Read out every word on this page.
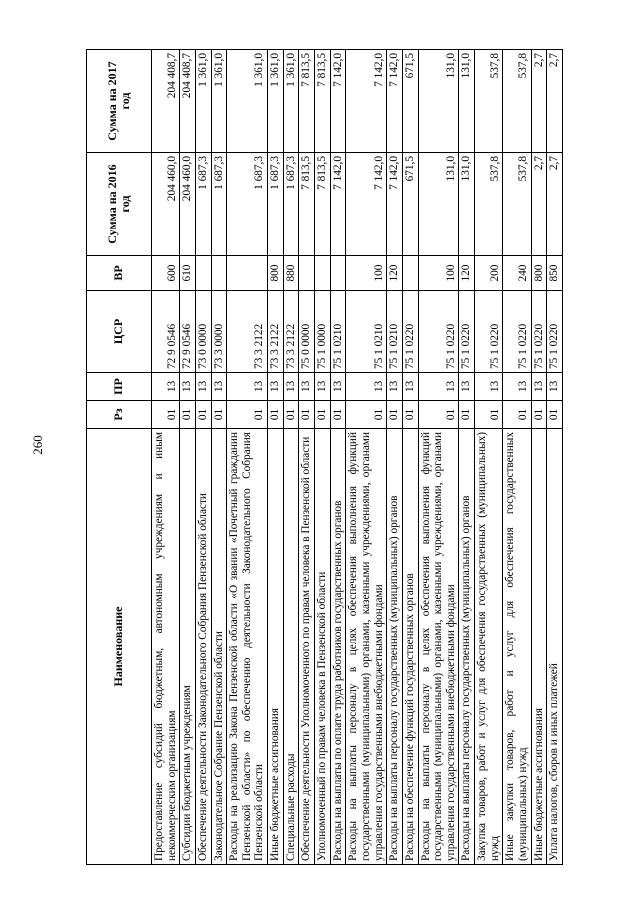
260
Наименование	Рз	ПР	ЦСР	ВР	Сумма на 2016 год	Сумма на 2017 год
Предоставление субсидий бюджетным, автономным учреждениям и иным некоммерческим организациям	01	13	72 9 0546	600	204 460,0	204 408,7
Субсидии бюджетным учреждениям	01	13	72 9 0546	610	204 460,0	204 408,7
Обеспечение деятельности Законодательного Собрания Пензенской области	01	13	73 0 0000		1 687,3	1 361,0
Законодательное Собрание Пензенской области	01	13	73 3 0000		1 687,3	1 361,0
Расходы на реализацию Закона Пензенской области «О звании «Почетный гражданин Пензенской области» по обеспечению деятельности Законодательного Собрания Пензенской области	01	13	73 3 2122		1 687,3	1 361,0
Иные бюджетные ассигнования	01	13	73 3 2122	800	1 687,3	1 361,0
Специальные расходы	01	13	73 3 2122	880	1 687,3	1 361,0
Обеспечение деятельности Уполномоченного по правам человека в Пензенской области	01	13	75 0 0000		7 813,5	7 813,5
Уполномоченный по правам человека в Пензенской области	01	13	75 1 0000		7 813,5	7 813,5
Расходы на выплаты по оплате труда работников государственных органов	01	13	75 1 0210		7 142,0	7 142,0
Расходы на выплаты персоналу в целях обеспечения выполнения функций государственными (муниципальными) органами, казенными учреждениями, органами управления государственными внебюджетными фондами	01	13	75 1 0210	100	7 142,0	7 142,0
Расходы на выплаты персоналу государственных (муниципальных) органов	01	13	75 1 0210	120	7 142,0	7 142,0
Расходы на обеспечение функций государственных органов	01	13	75 1 0220		671,5	671,5
Расходы на выплаты персоналу в целях обеспечения выполнения функций государственными (муниципальными) органами, казенными учреждениями, органами управления государственными внебюджетными фондами	01	13	75 1 0220	100	131,0	131,0
Расходы на выплаты персоналу государственных (муниципальных) органов	01	13	75 1 0220	120	131,0	131,0
Закупка товаров, работ и услуг для обеспечения государственных (муниципальных) нужд	01	13	75 1 0220	200	537,8	537,8
Иные закупки товаров, работ и услуг для обеспечения государственных (муниципальных) нужд	01	13	75 1 0220	240	537,8	537,8
Иные бюджетные ассигнования	01	13	75 1 0220	800	2,7	2,7
Уплата налогов, сборов и иных платежей	01	13	75 1 0220	850	2,7	2,7
